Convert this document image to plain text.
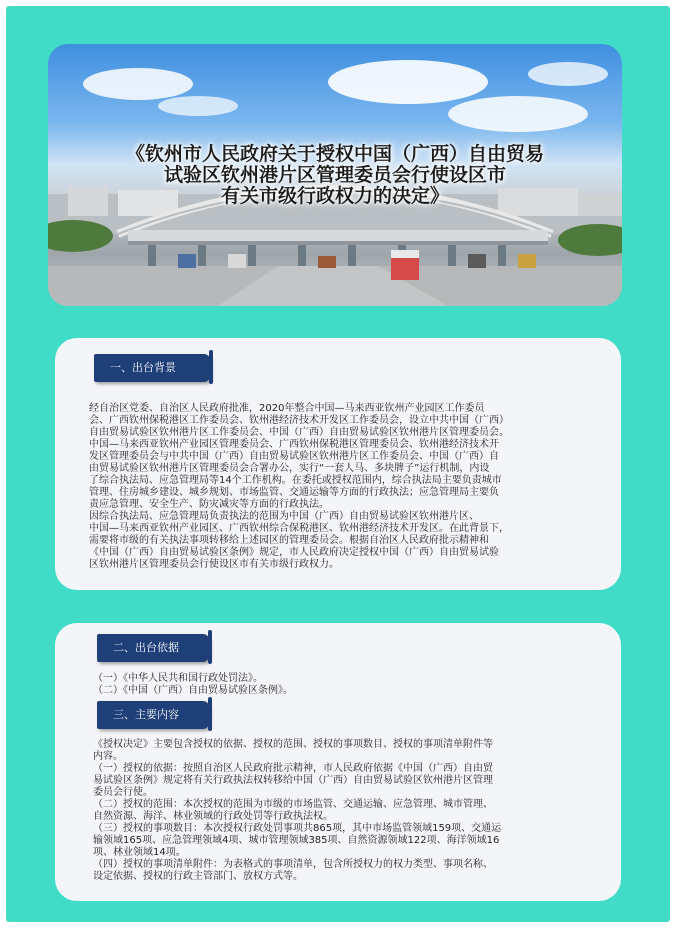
《钦州市人民政府关于授权中国（广西）自由贸易
试验区钦州港片区管理委员会行使设区市
有关市级行政权力的决定》
一、出台背景

经自治区党委、自治区人民政府批准，2020年整合中国—马来西亚钦州产业园区工作委员
会、广西钦州保税港区工作委员会、钦州港经济技术开发区工作委员会，设立中共中国（广西）
自由贸易试验区钦州港片区工作委员会、中国（广西）自由贸易试验区钦州港片区管理委员会。
中国—马来西亚钦州产业园区管理委员会、广西钦州保税港区管理委员会、钦州港经济技术开
发区管理委员会与中共中国（广西）自由贸易试验区钦州港片区工作委员会、中国（广西）自
由贸易试验区钦州港片区管理委员会合署办公，实行“一套人马、多块牌子”运行机制，内设
了综合执法局、应急管理局等14个工作机构。在委托或授权范围内，综合执法局主要负责城市
管理、住房城乡建设、城乡规划、市场监管、交通运输等方面的行政执法；应急管理局主要负
责应急管理、安全生产、防灾减灾等方面的行政执法。
因综合执法局、应急管理局负责执法的范围为中国（广西）自由贸易试验区钦州港片区、
中国—马来西亚钦州产业园区、广西钦州综合保税港区、钦州港经济技术开发区。在此背景下，
需要将市级的有关执法事项转移给上述园区的管理委员会。根据自治区人民政府批示精神和
《中国（广西）自由贸易试验区条例》规定，市人民政府决定授权中国（广西）自由贸易试验
区钦州港片区管理委员会行使设区市有关市级行政权力。

二、出台依据

（一）《中华人民共和国行政处罚法》。
（二）《中国（广西）自由贸易试验区条例》。

三、主要内容

《授权决定》主要包含授权的依据、授权的范围、授权的事项数目、授权的事项清单附件等
内容。
（一）授权的依据：按照自治区人民政府批示精神，市人民政府依据《中国（广西）自由贸
易试验区条例》规定将有关行政执法权转移给中国（广西）自由贸易试验区钦州港片区管理
委员会行使。
（二）授权的范围：本次授权的范围为市级的市场监管、交通运输、应急管理、城市管理、
自然资源、海洋、林业领域的行政处罚等行政执法权。
（三）授权的事项数目：本次授权行政处罚事项共865项，其中市场监管领域159项、交通运
输领域165项、应急管理领域4项、城市管理领域385项、自然资源领域122项、海洋领域16
项、林业领域14项。
（四）授权的事项清单附件：为表格式的事项清单，包含所授权力的权力类型、事项名称、
设定依据、授权的行政主管部门、放权方式等。
